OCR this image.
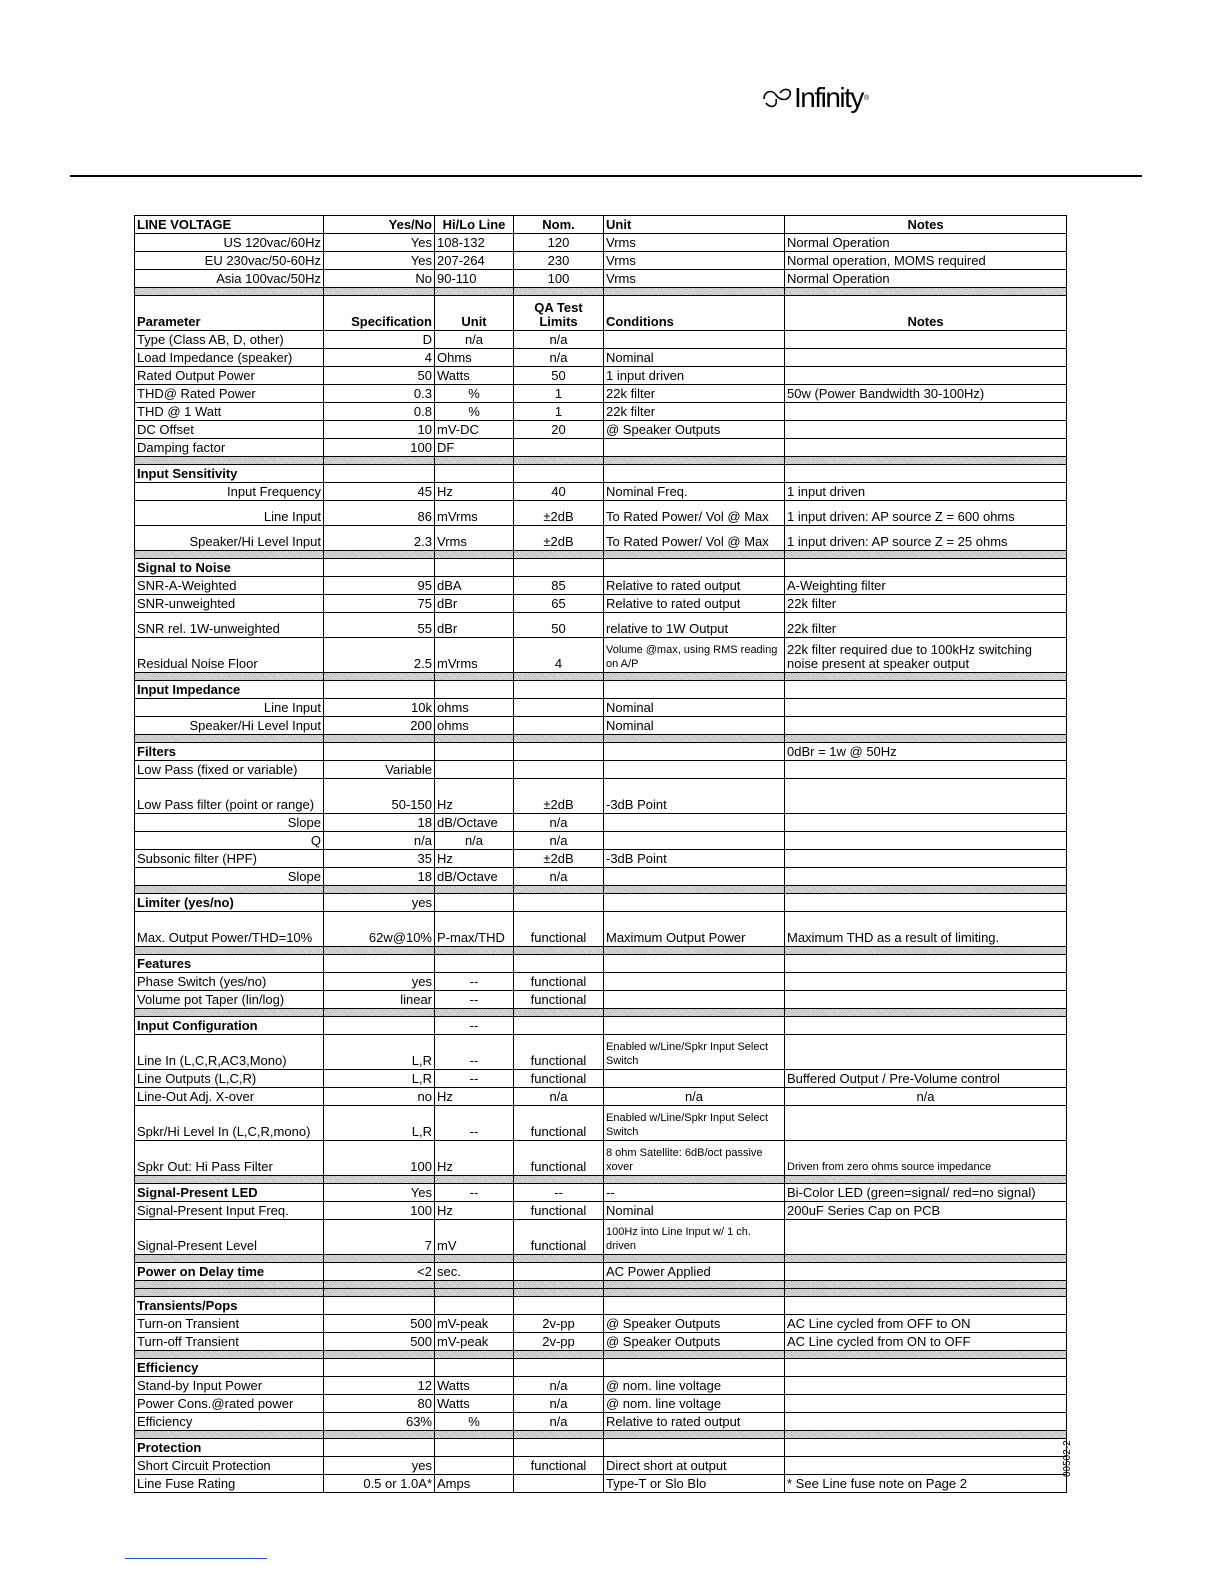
Infinity ®
LINE VOLTAGE	Yes/No	Hi/Lo Line	Nom.	Unit	Notes
US 120vac/60Hz	Yes	108-132	120	Vrms	Normal Operation
EU 230vac/50-60Hz	Yes	207-264	230	Vrms	Normal operation, MOMS required
Asia 100vac/50Hz	No	90-110	100	Vrms	Normal Operation

Parameter	Specification	Unit	QA Test Limits	Conditions	Notes
Type (Class AB, D, other)	D	n/a	n/a		
Load Impedance (speaker)	4	Ohms	n/a	Nominal	
Rated Output Power	50	Watts	50	1 input driven	
THD@ Rated Power	0.3	%	1	22k filter	50w (Power Bandwidth 30-100Hz)
THD @ 1 Watt	0.8	%	1	22k filter	
DC Offset	10	mV-DC	20	@ Speaker Outputs	
Damping factor	100	DF			

Input Sensitivity					
Input Frequency	45	Hz	40	Nominal Freq.	1 input driven
Line Input	86	mVrms	±2dB	To Rated Power/ Vol @ Max	1 input driven: AP source Z = 600 ohms
Speaker/Hi Level Input	2.3	Vrms	±2dB	To Rated Power/ Vol @ Max	1 input driven: AP source Z = 25 ohms

Signal to Noise					
SNR-A-Weighted	95	dBA	85	Relative to rated output	A-Weighting filter
SNR-unweighted	75	dBr	65	Relative to rated output	22k filter
SNR rel. 1W-unweighted	55	dBr	50	relative to 1W Output	22k filter
Residual Noise Floor	2.5	mVrms	4	Volume @max, using RMS reading on A/P	22k filter required due to 100kHz switching noise present at speaker output

Input Impedance					
Line Input	10k	ohms		Nominal	
Speaker/Hi Level Input	200	ohms		Nominal	

Filters					0dBr = 1w @ 50Hz
Low Pass (fixed or variable)	Variable				
Low Pass filter (point or range)	50-150	Hz	±2dB	-3dB Point	
Slope	18	dB/Octave	n/a		
Q	n/a	n/a	n/a		
Subsonic filter (HPF)	35	Hz	±2dB	-3dB Point	
Slope	18	dB/Octave	n/a		

Limiter (yes/no)	yes				
Max. Output Power/THD=10%	62w@10%	P-max/THD	functional	Maximum Output Power	Maximum THD as a result of limiting.

Features					
Phase Switch (yes/no)	yes	--	functional		
Volume pot Taper (lin/log)	linear	--	functional		

Input Configuration		--			
Line In (L,C,R,AC3,Mono)	L,R	--	functional	Enabled w/Line/Spkr Input Select Switch	
Line Outputs (L,C,R)	L,R	--	functional		Buffered Output / Pre-Volume control
Line-Out Adj. X-over	no	Hz	n/a	n/a	n/a
Spkr/Hi Level In (L,C,R,mono)	L,R	--	functional	Enabled w/Line/Spkr Input Select Switch	
Spkr Out: Hi Pass Filter	100	Hz	functional	8 ohm Satellite: 6dB/oct passive xover	Driven from zero ohms source impedance

Signal-Present LED	Yes	--	--	--	Bi-Color LED (green=signal/ red=no signal)
Signal-Present Input Freq.	100	Hz	functional	Nominal	200uF Series Cap on PCB
Signal-Present Level	7	mV	functional	100Hz into Line Input w/ 1 ch. driven	

Power on Delay time	<2	sec.		AC Power Applied	

Transients/Pops					
Turn-on Transient	500	mV-peak	2v-pp	@ Speaker Outputs	AC Line cycled from OFF to ON
Turn-off Transient	500	mV-peak	2v-pp	@ Speaker Outputs	AC Line cycled from ON to OFF

Efficiency					
Stand-by Input Power	12	Watts	n/a	@ nom. line voltage	
Power Cons.@rated power	80	Watts	n/a	@ nom. line voltage	
Efficiency	63%	%	n/a	Relative to rated output	

Protection					
Short Circuit Protection	yes		functional	Direct short at output	
Line Fuse Rating	0.5 or 1.0A*	Amps		Type-T or Slo Blo	* See Line fuse note on Page 2
00502-2
